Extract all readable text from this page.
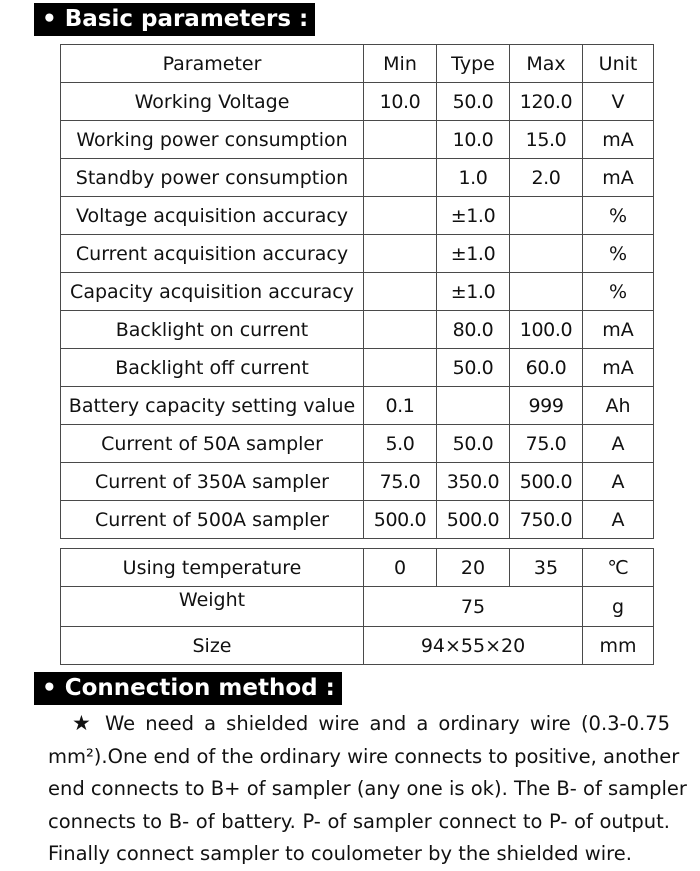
• Basic parameters :
Parameter	Min	Type	Max	Unit
Working Voltage	10.0	50.0	120.0	V
Working power consumption		10.0	15.0	mA
Standby power consumption		1.0	2.0	mA
Voltage acquisition accuracy		±1.0		%
Current acquisition accuracy		±1.0		%
Capacity acquisition accuracy		±1.0		%
Backlight on current		80.0	100.0	mA
Backlight off current		50.0	60.0	mA
Battery capacity setting value	0.1		999	Ah
Current of 50A sampler	5.0	50.0	75.0	A
Current of 350A sampler	75.0	350.0	500.0	A
Current of 500A sampler	500.0	500.0	750.0	A
Using temperature	0	20	35	℃
Weight	75			g
Size	94×55×20			mm
• Connection method :
★ We need a shielded wire and a ordinary wire (0.3-0.75
mm²).One end of the ordinary wire connects to positive, another
end connects to B+ of sampler (any one is ok). The B- of sampler
connects to B- of battery. P- of sampler connect to P- of output.
Finally connect sampler to coulometer by the shielded wire.
